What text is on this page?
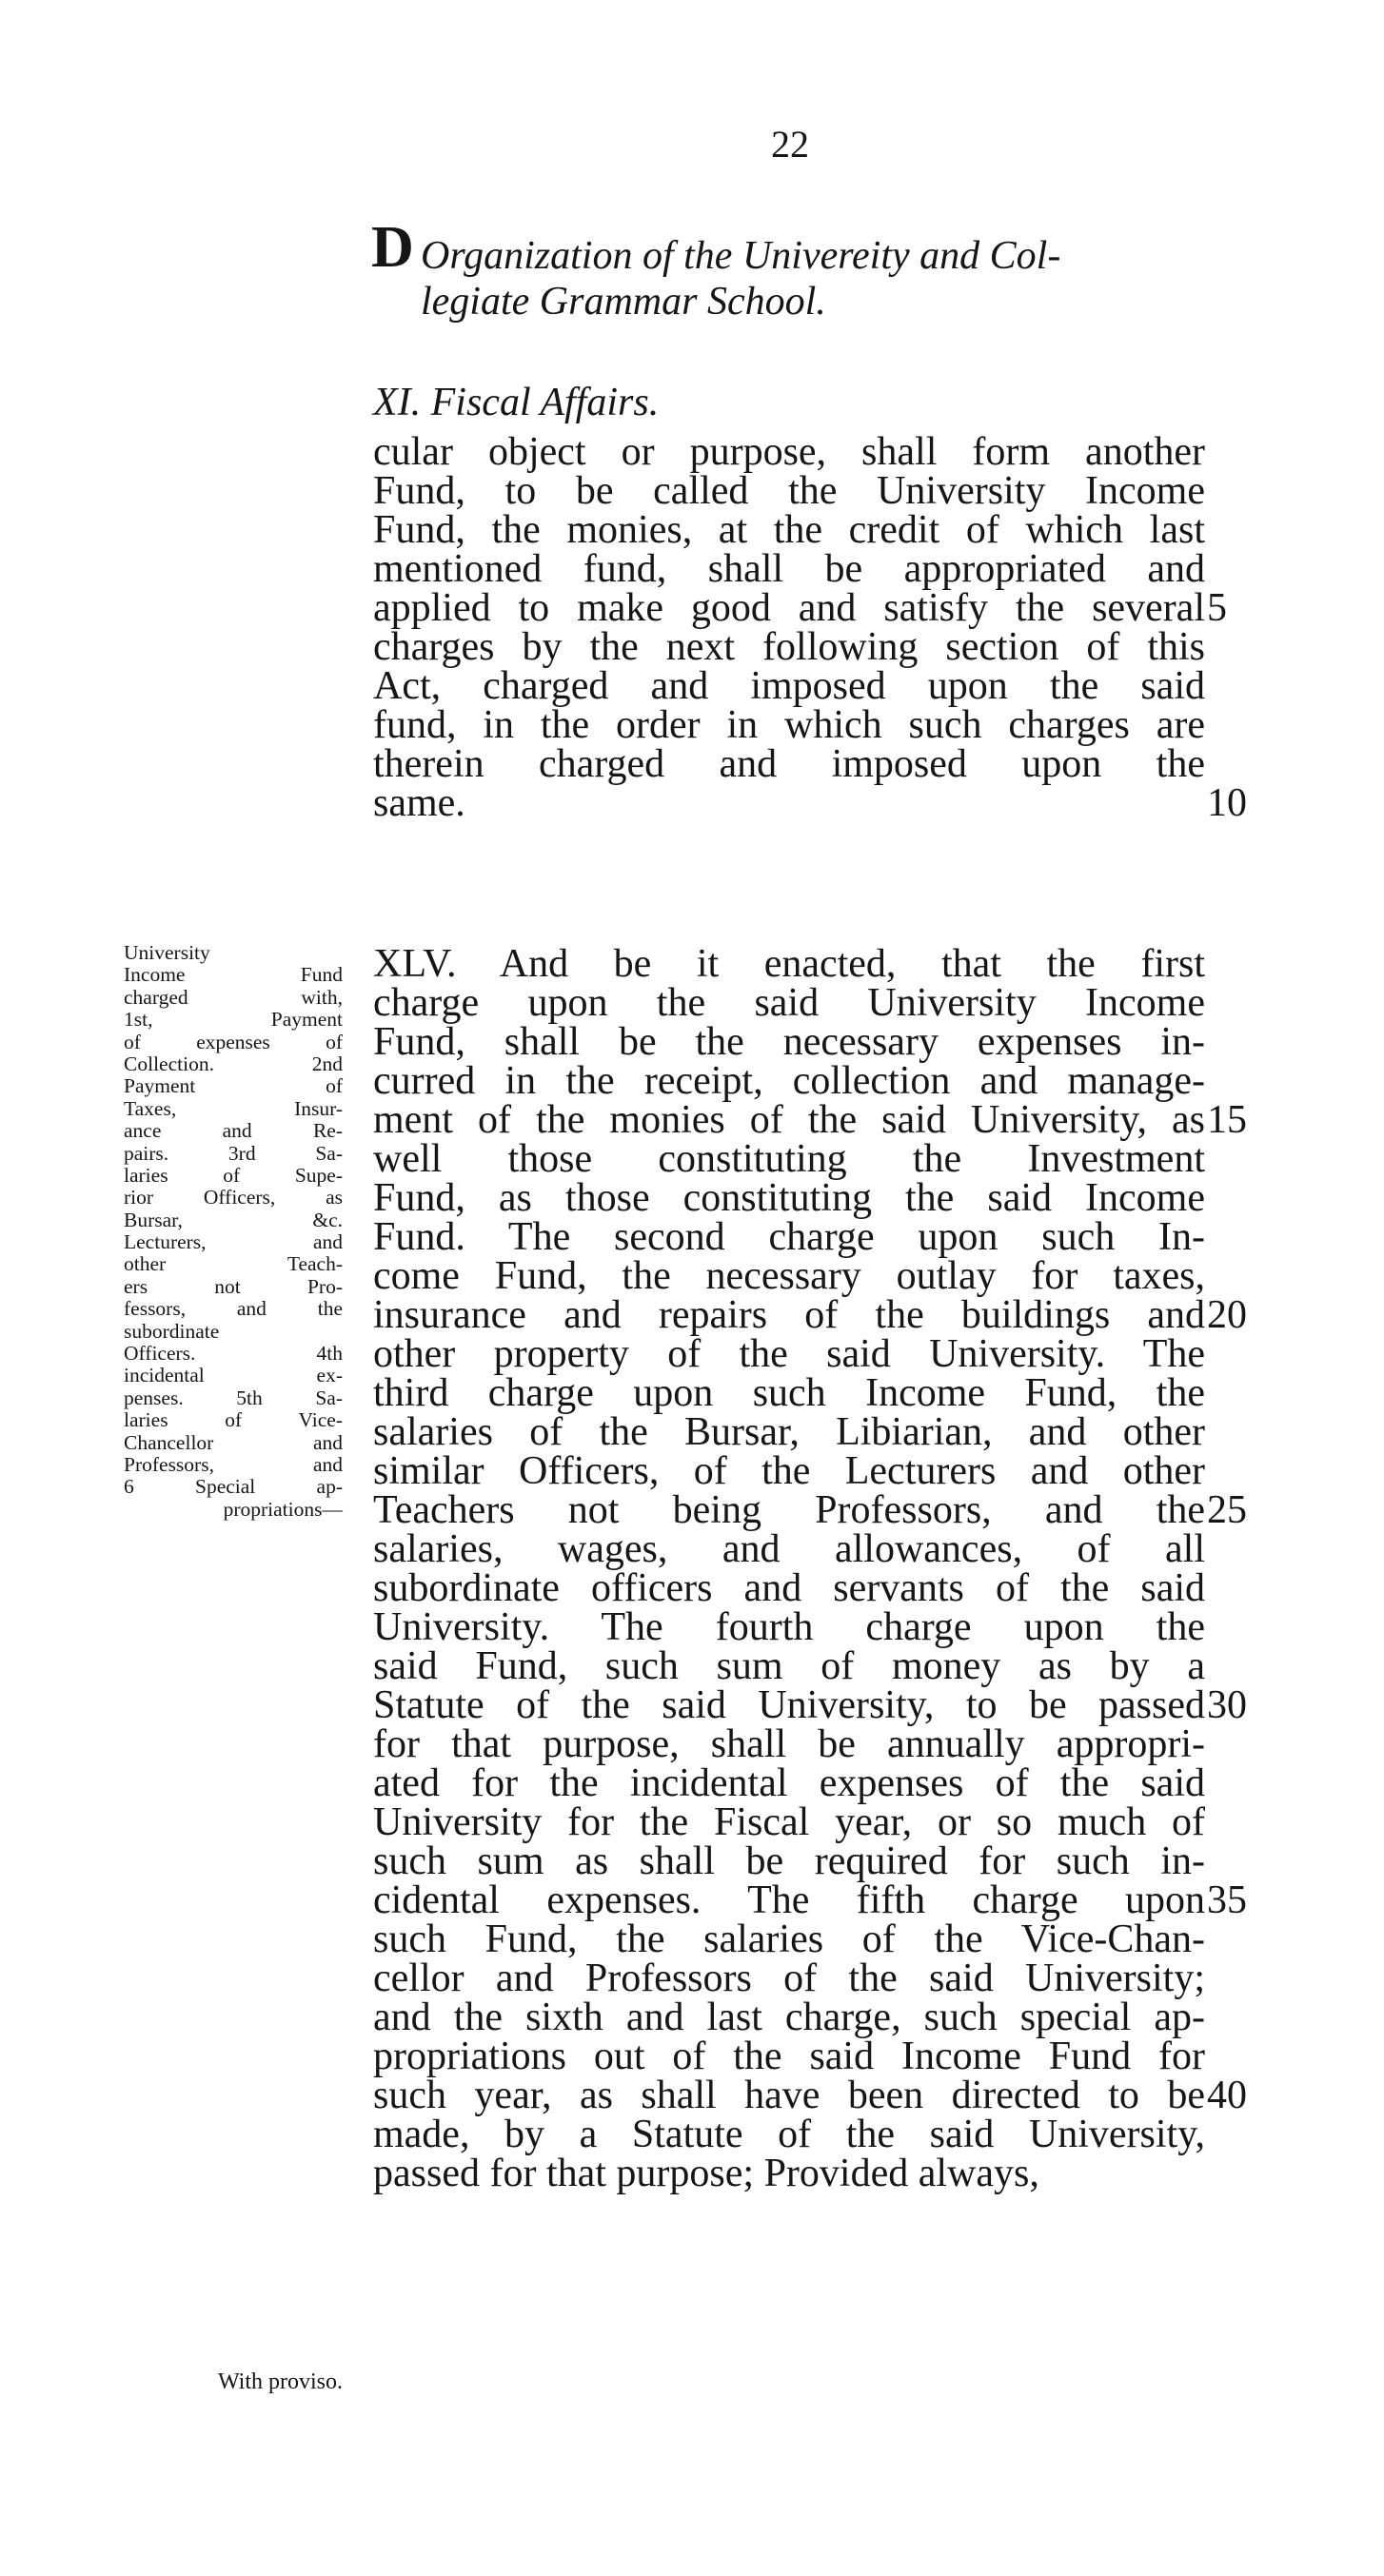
22
D Organization of the Univereity and Col-
legiate Grammar School.
XI. Fiscal Affairs.
cular object or purpose, shall form another
Fund, to be called the University Income
Fund, the monies, at the credit of which last
mentioned fund, shall be appropriated and
applied to make good and satisfy the several
charges by the next following section of this
Act, charged and imposed upon the said
fund, in the order in which such charges are
therein charged and imposed upon the
same.
5
10
University
Income Fund
charged with,
1st, Payment
of expenses of
Collection. 2nd
Payment of
Taxes, Insur-
ance and Re-
pairs. 3rd Sa-
laries of Supe-
rior Officers, as
Bursar, &c.
Lecturers, and
other Teach-
ers not Pro-
fessors, and the
subordinate
Officers. 4th
incidental ex-
penses. 5th Sa-
laries of Vice-
Chancellor and
Professors, and
6 Special ap-
propriations—
XLV. And be it enacted, that the first
charge upon the said University Income
Fund, shall be the necessary expenses in-
curred in the receipt, collection and manage-
ment of the monies of the said University, as
well those constituting the Investment
Fund, as those constituting the said Income
Fund. The second charge upon such In-
come Fund, the necessary outlay for taxes,
insurance and repairs of the buildings and
other property of the said University. The
third charge upon such Income Fund, the
salaries of the Bursar, Libiarian, and other
similar Officers, of the Lecturers and other
Teachers not being Professors, and the
salaries, wages, and allowances, of all
subordinate officers and servants of the said
University. The fourth charge upon the
said Fund, such sum of money as by a
Statute of the said University, to be passed
for that purpose, shall be annually appropri-
ated for the incidental expenses of the said
University for the Fiscal year, or so much of
such sum as shall be required for such in-
cidental expenses. The fifth charge upon
such Fund, the salaries of the Vice-Chan-
cellor and Professors of the said University;
and the sixth and last charge, such special ap-
propriations out of the said Income Fund for
such year, as shall have been directed to be
made, by a Statute of the said University,
passed for that purpose; Provided always,
15
20
25
30
35
40
With proviso.
